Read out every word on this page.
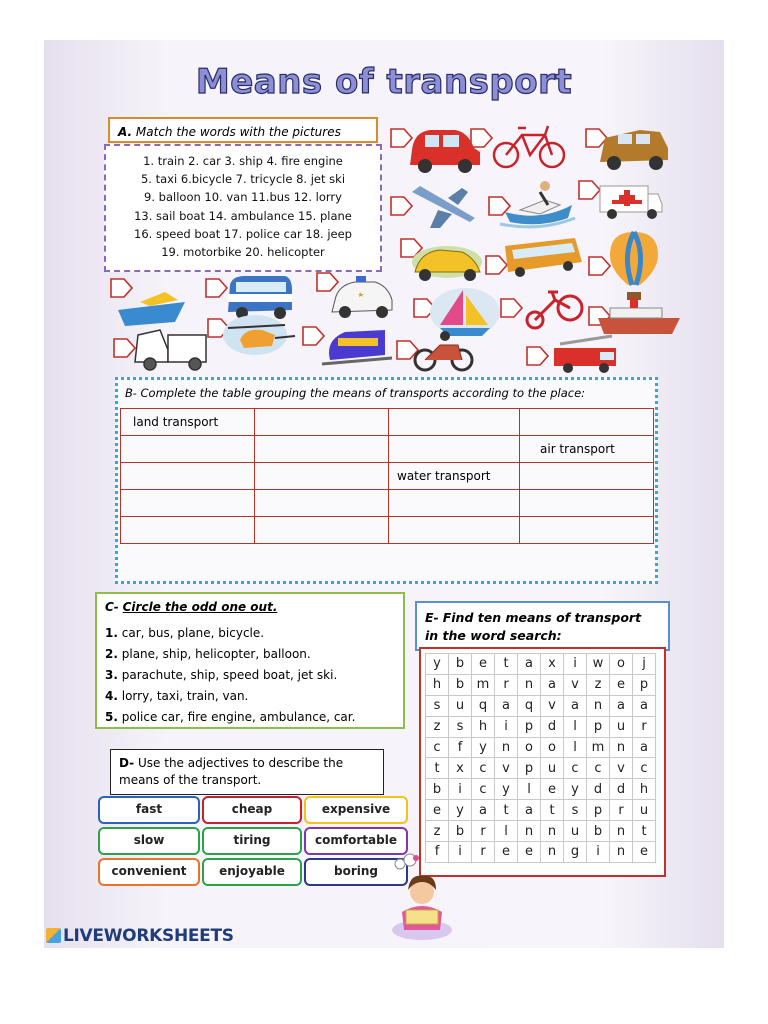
Means of transport
A. Match the words with the pictures
1. train 2. car 3. ship 4. fire engine
5. taxi 6.bicycle 7. tricycle 8. jet ski
9. balloon 10. van 11.bus 12. lorry
13. sail boat 14. ambulance 15. plane
16. speed boat 17. police car 18. jeep
19. motorbike 20. helicopter
B- Complete the table grouping the means of transports according to the place:
land transport			
			air transport
		water transport	

C- Circle the odd one out.
1. car, bus, plane, bicycle.
2. plane, ship, helicopter, balloon.
3. parachute, ship, speed boat, jet ski.
4. lorry, taxi, train, van.
5. police car, fire engine, ambulance, car.
E- Find ten means of transport
in the word search:
y	b	e	t	a	x	i	w	o	j
h	b	m	r	n	a	v	z	e	p
s	u	q	a	q	v	a	n	a	a
z	s	h	i	p	d	l	p	u	r
c	f	y	n	o	o	l	m	n	a
t	x	c	v	p	u	c	c	v	c
b	i	c	y	l	e	y	d	d	h
e	y	a	t	a	t	s	p	r	u
z	b	r	l	n	n	u	b	n	t
f	i	r	e	e	n	g	i	n	e
D- Use the adjectives to describe the means of the transport.
fast	cheap	expensive
slow	tiring	comfortable
convenient	enjoyable	boring
LIVEWORKSHEETS
